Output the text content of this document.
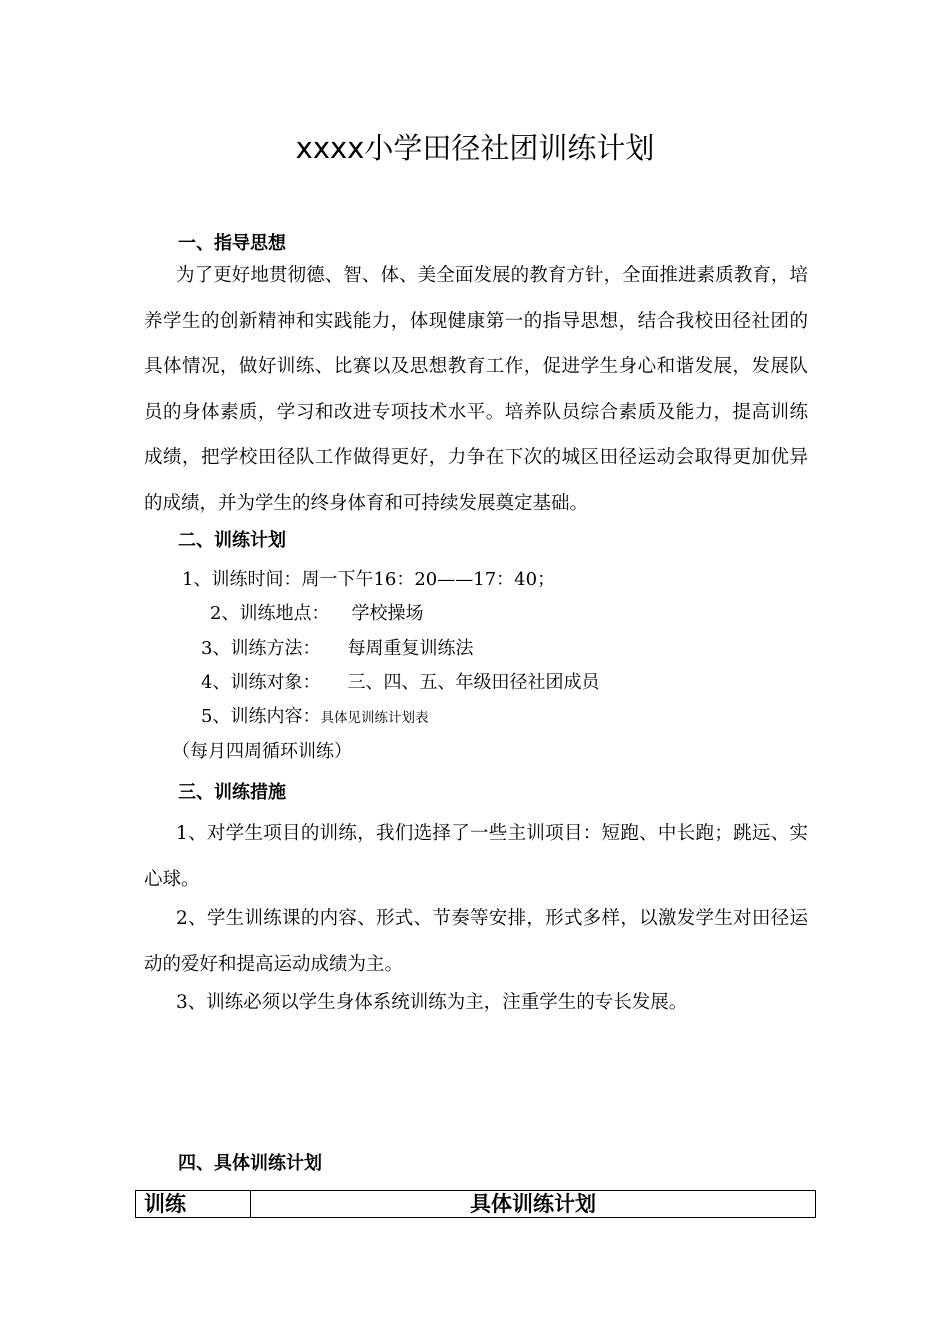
xxxx小学田径社团训练计划
一、指导思想

为了更好地贯彻德、智、体、美全面发展的教育方针，全面推进素质教育，培养学生的创新精神和实践能力，体现健康第一的指导思想，结合我校田径社团的具体情况，做好训练、比赛以及思想教育工作，促进学生身心和谐发展，发展队员的身体素质，学习和改进专项技术水平。培养队员综合素质及能力，提高训练成绩，把学校田径队工作做得更好，力争在下次的城区田径运动会取得更加优异的成绩，并为学生的终身体育和可持续发展奠定基础。

二、训练计划

1、训练时间：周一下午16：20——17：40；

2、训练地点： 学校操场

3、训练方法： 每周重复训练法

4、训练对象： 三、四、五、年级田径社团成员

5、训练内容：具体见训练计划表

（每月四周循环训练）

三、训练措施

1、对学生项目的训练，我们选择了一些主训项目：短跑、中长跑；跳远、实心球。

2、学生训练课的内容、形式、节奏等安排，形式多样，以激发学生对田径运动的爱好和提高运动成绩为主。

3、训练必须以学生身体系统训练为主，注重学生的专长发展。

四、具体训练计划
训练	具体训练计划
